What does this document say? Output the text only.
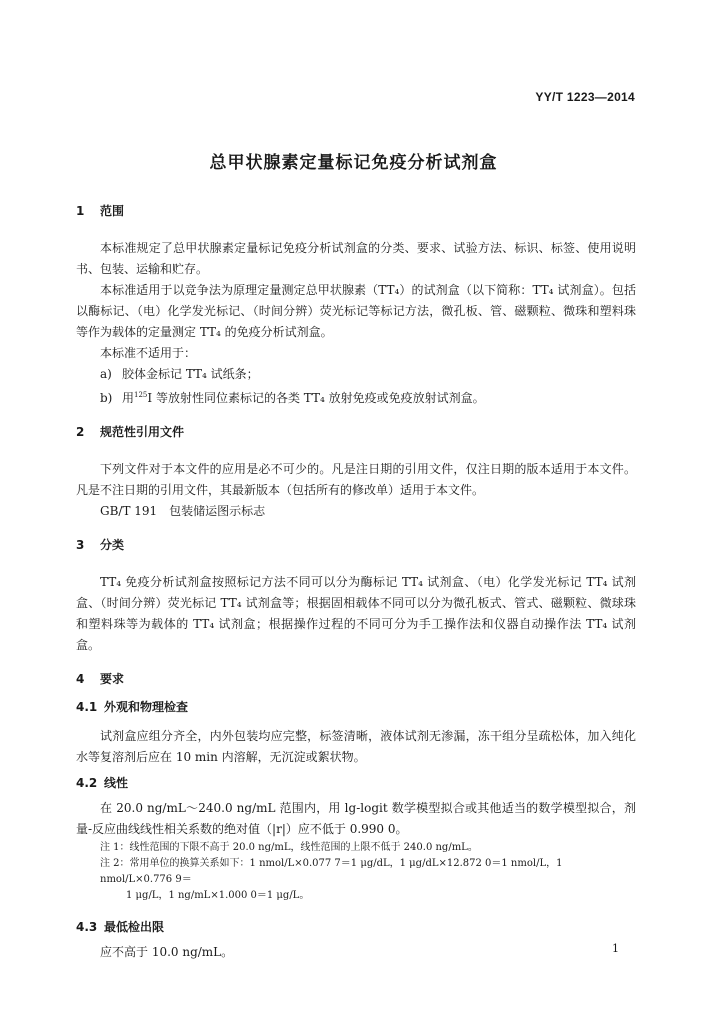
YY/T 1223—2014
总甲状腺素定量标记免疫分析试剂盒
1 范围

本标准规定了总甲状腺素定量标记免疫分析试剂盒的分类、要求、试验方法、标识、标签、使用说明书、包装、运输和贮存。

本标准适用于以竞争法为原理定量测定总甲状腺素（TT₄）的试剂盒（以下简称：TT₄ 试剂盒）。包括以酶标记、（电）化学发光标记、（时间分辨）荧光标记等标记方法，微孔板、管、磁颗粒、微珠和塑料珠等作为载体的定量测定 TT₄ 的免疫分析试剂盒。

本标准不适用于：

a) 胶体金标记 TT₄ 试纸条；

b) 用$^{125}$I 等放射性同位素标记的各类 TT₄ 放射免疫或免疫放射试剂盒。

2 规范性引用文件

下列文件对于本文件的应用是必不可少的。凡是注日期的引用文件，仅注日期的版本适用于本文件。凡是不注日期的引用文件，其最新版本（包括所有的修改单）适用于本文件。

GB/T 191　包装储运图示标志

3 分类

TT₄ 免疫分析试剂盒按照标记方法不同可以分为酶标记 TT₄ 试剂盒、（电）化学发光标记 TT₄ 试剂盒、（时间分辨）荧光标记 TT₄ 试剂盒等；根据固相载体不同可以分为微孔板式、管式、磁颗粒、微球珠和塑料珠等为载体的 TT₄ 试剂盒；根据操作过程的不同可分为手工操作法和仪器自动操作法 TT₄ 试剂盒。

4 要求
4.1 外观和物理检查

试剂盒应组分齐全，内外包装均应完整，标签清晰，液体试剂无渗漏，冻干组分呈疏松体，加入纯化水等复溶剂后应在 10 min 内溶解，无沉淀或絮状物。

4.2 线性

在 20.0 ng/mL～240.0 ng/mL 范围内，用 lg-logit 数学模型拟合或其他适当的数学模型拟合，剂量-反应曲线线性相关系数的绝对值（|r|）应不低于 0.990 0。

注 1：线性范围的下限不高于 20.0 ng/mL，线性范围的上限不低于 240.0 ng/mL。

注 2：常用单位的换算关系如下：1 nmol/L×0.077 7＝1 μg/dL，1 μg/dL×12.872 0＝1 nmol/L，1 nmol/L×0.776 9＝

1 μg/L，1 ng/mL×1.000 0＝1 μg/L。

4.3 最低检出限

应不高于 10.0 ng/mL。	1
